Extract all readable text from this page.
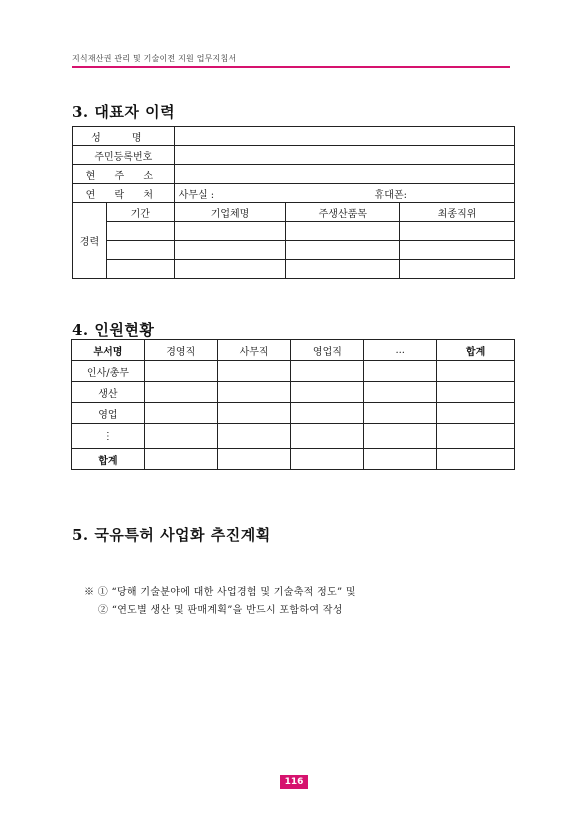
지식재산권 관리 및 기술이전 지원 업무지침서
3. 대표자 이력
성 명				
주민등록번호				
현 주 소				
연 락 처		사무실 : 휴대폰:		
경력	기간	기업체명	주생산품목	최종직위

4. 인원현황
부서명	경영직	사무직	영업직	...	합계
인사/총무					
생산					
영업					
⋮					
합계					
5. 국유특허 사업화 추진계획
※ ① “당해 기술분야에 대한 사업경험 및 기술축적 정도” 및
② “연도별 생산 및 판매계획”을 반드시 포함하여 작성
116
